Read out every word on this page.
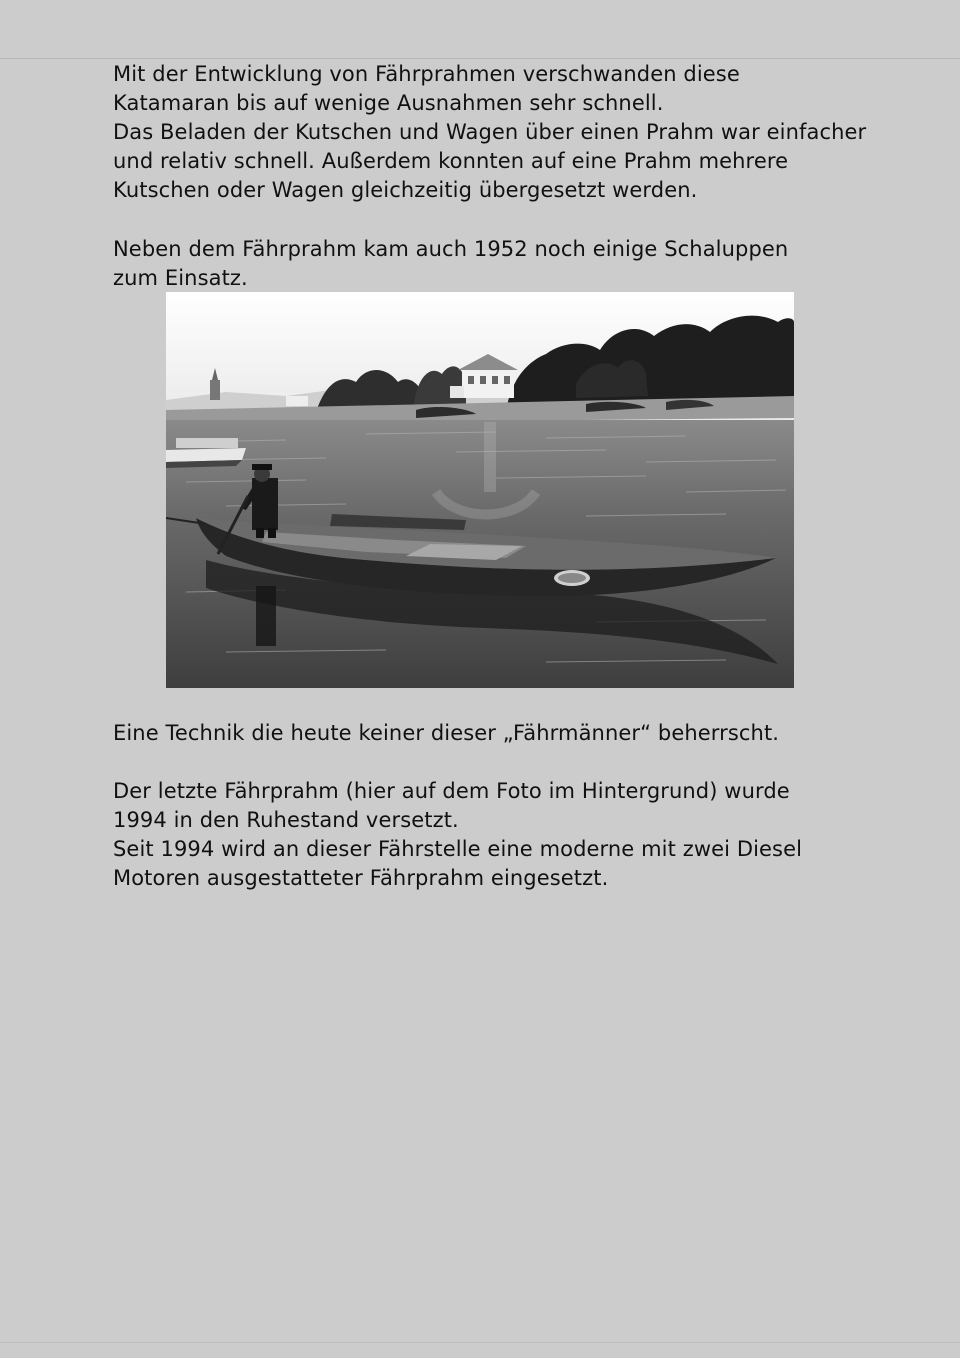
Mit der Entwicklung von Fährprahmen verschwanden diese
Katamaran bis auf wenige Ausnahmen sehr schnell.
Das Beladen der Kutschen und Wagen über einen Prahm war einfacher
und relativ schnell. Außerdem konnten auf eine Prahm mehrere
Kutschen oder Wagen gleichzeitig übergesetzt werden.

Neben dem Fährprahm kam auch 1952 noch einige Schaluppen
zum Einsatz.

Eine Technik die heute keiner dieser „Fährmänner“ beherrscht.

Der letzte Fährprahm (hier auf dem Foto im Hintergrund) wurde
1994 in den Ruhestand versetzt.
Seit 1994 wird an dieser Fährstelle eine moderne mit zwei Diesel
Motoren ausgestatteter Fährprahm eingesetzt.
